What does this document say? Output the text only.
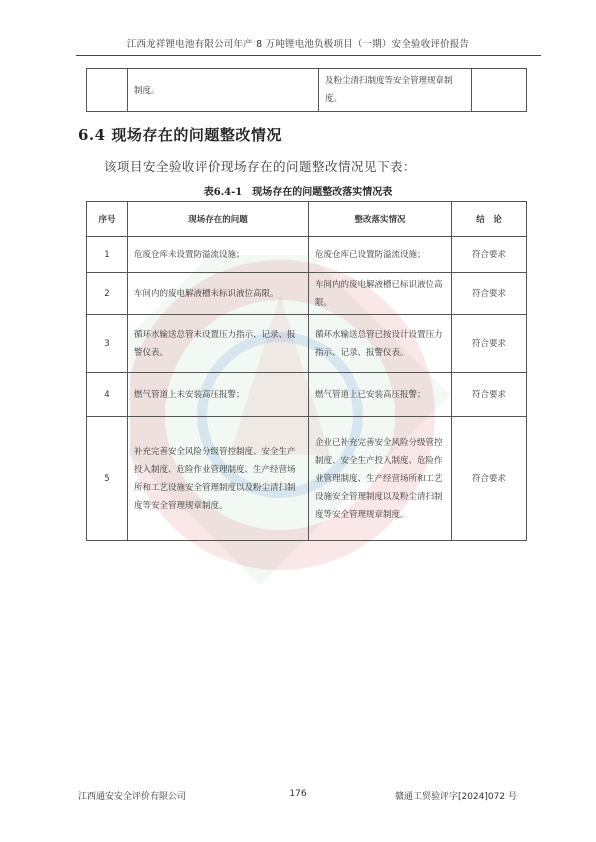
江西龙祥锂电池有限公司年产 8 万吨锂电池负极项目（一期）安全验收评价报告
	制度。	及粉尘清扫制度等安全管理规章制度。	
6.4 现场存在的问题整改情况
该项目安全验收评价现场存在的问题整改情况见下表：
表6.4-1　现场存在的问题整改落实情况表
序号	现场存在的问题	整改落实情况	结　论
1	危废仓库未设置防溢流设施；	危废仓库已设置防溢流设施；	符合要求
2	车间内的废电解液槽未标识液位高限。	车间内的废电解液槽已标识液位高限。	符合要求
3	循环水输送总管未设置压力指示、记录、报警仪表。	循环水输送总管已按设计设置压力指示、记录、报警仪表。	符合要求
4	燃气管道上未安装高压报警；	燃气管道上已安装高压报警；	符合要求
5	补充完善安全风险分级管控制度、安全生产投入制度、危险作业管理制度、生产经营场所和工艺设施安全管理制度以及粉尘清扫制度等安全管理规章制度。	企业已补充完善安全风险分级管控制度、安全生产投入制度、危险作业管理制度、生产经营场所和工艺设施安全管理制度以及粉尘清扫制度等安全管理规章制度。	符合要求
江西通安安全评价有限公司	176	赣通工贸验评字[2024]072 号
